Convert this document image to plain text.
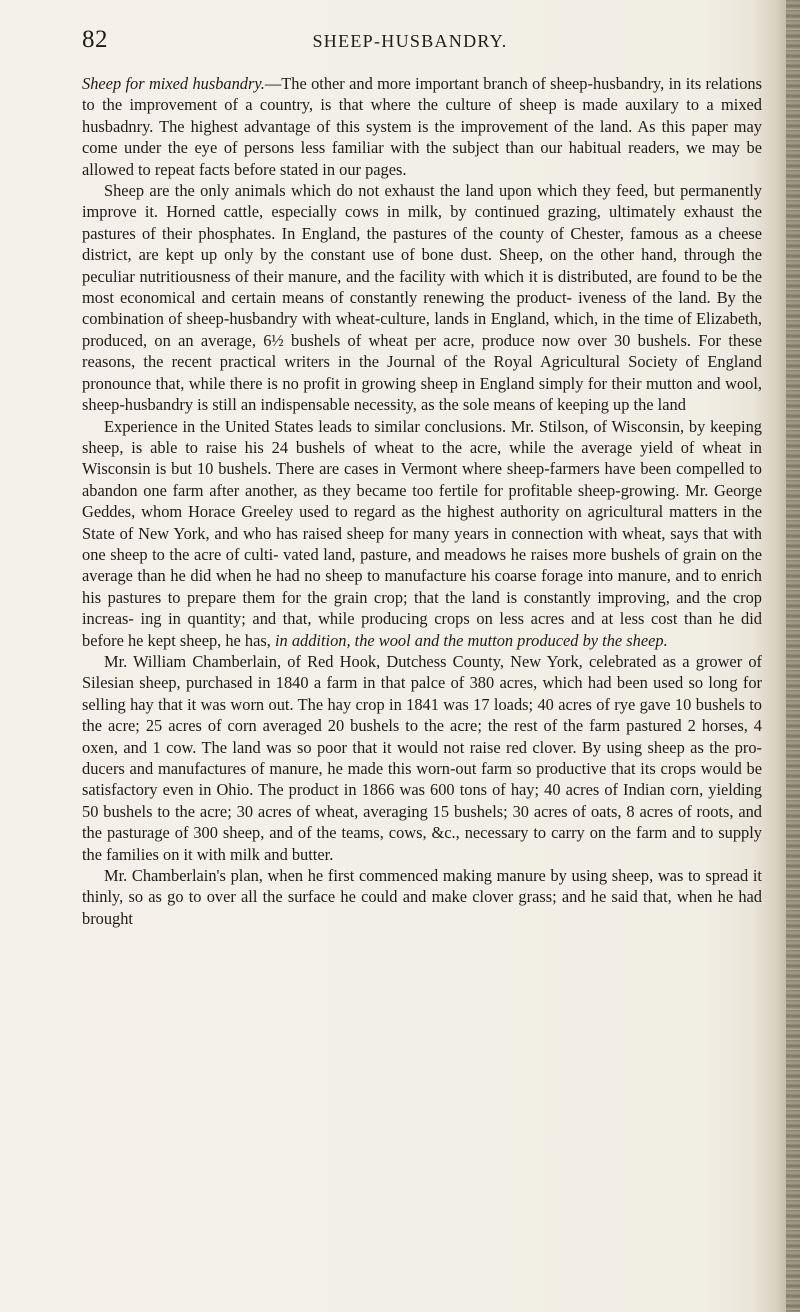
82	SHEEP-HUSBANDRY.

Sheep for mixed husbandry.—The other and more important branch of sheep-husbandry, in its relations to the improvement of a country, is that where the culture of sheep is made auxilary to a mixed husbadnry. The highest advantage of this system is the improvement of the land. As this paper may come under the eye of persons less familiar with the subject than our habitual readers, we may be allowed to repeat facts before stated in our pages.

Sheep are the only animals which do not exhaust the land upon which they feed, but permanently improve it. Horned cattle, especially cows in milk, by continued grazing, ultimately exhaust the pastures of their phosphates. In England, the pastures of the county of Chester, famous as a cheese district, are kept up only by the constant use of bone dust. Sheep, on the other hand, through the peculiar nutritiousness of their manure, and the facility with which it is distributed, are found to be the most economical and certain means of constantly renewing the product- iveness of the land. By the combination of sheep-husbandry with wheat-culture, lands in England, which, in the time of Elizabeth, produced, on an average, 6½ bushels of wheat per acre, produce now over 30 bushels. For these reasons, the recent practical writers in the Journal of the Royal Agricultural Society of England pronounce that, while there is no profit in growing sheep in England simply for their mutton and wool, sheep-husbandry is still an indispensable necessity, as the sole means of keeping up the land

Experience in the United States leads to similar conclusions. Mr. Stilson, of Wisconsin, by keeping sheep, is able to raise his 24 bushels of wheat to the acre, while the average yield of wheat in Wisconsin is but 10 bushels. There are cases in Vermont where sheep-farmers have been compelled to abandon one farm after another, as they became too fertile for profitable sheep-growing. Mr. George Geddes, whom Horace Greeley used to regard as the highest authority on agricultural matters in the State of New York, and who has raised sheep for many years in connection with wheat, says that with one sheep to the acre of culti- vated land, pasture, and meadows he raises more bushels of grain on the average than he did when he had no sheep to manufacture his coarse forage into manure, and to enrich his pastures to prepare them for the grain crop; that the land is constantly improving, and the crop increas- ing in quantity; and that, while producing crops on less acres and at less cost than he did before he kept sheep, he has, in addition, the wool and the mutton produced by the sheep.

Mr. William Chamberlain, of Red Hook, Dutchess County, New York, celebrated as a grower of Silesian sheep, purchased in 1840 a farm in that palce of 380 acres, which had been used so long for selling hay that it was worn out. The hay crop in 1841 was 17 loads; 40 acres of rye gave 10 bushels to the acre; 25 acres of corn averaged 20 bushels to the acre; the rest of the farm pastured 2 horses, 4 oxen, and 1 cow. The land was so poor that it would not raise red clover. By using sheep as the pro- ducers and manufactures of manure, he made this worn-out farm so productive that its crops would be satisfactory even in Ohio. The product in 1866 was 600 tons of hay; 40 acres of Indian corn, yielding 50 bushels to the acre; 30 acres of wheat, averaging 15 bushels; 30 acres of oats, 8 acres of roots, and the pasturage of 300 sheep, and of the teams, cows, &c., necessary to carry on the farm and to supply the families on it with milk and butter.

Mr. Chamberlain's plan, when he first commenced making manure by using sheep, was to spread it thinly, so as go to over all the surface he could and make clover grass; and he said that, when he had brought
